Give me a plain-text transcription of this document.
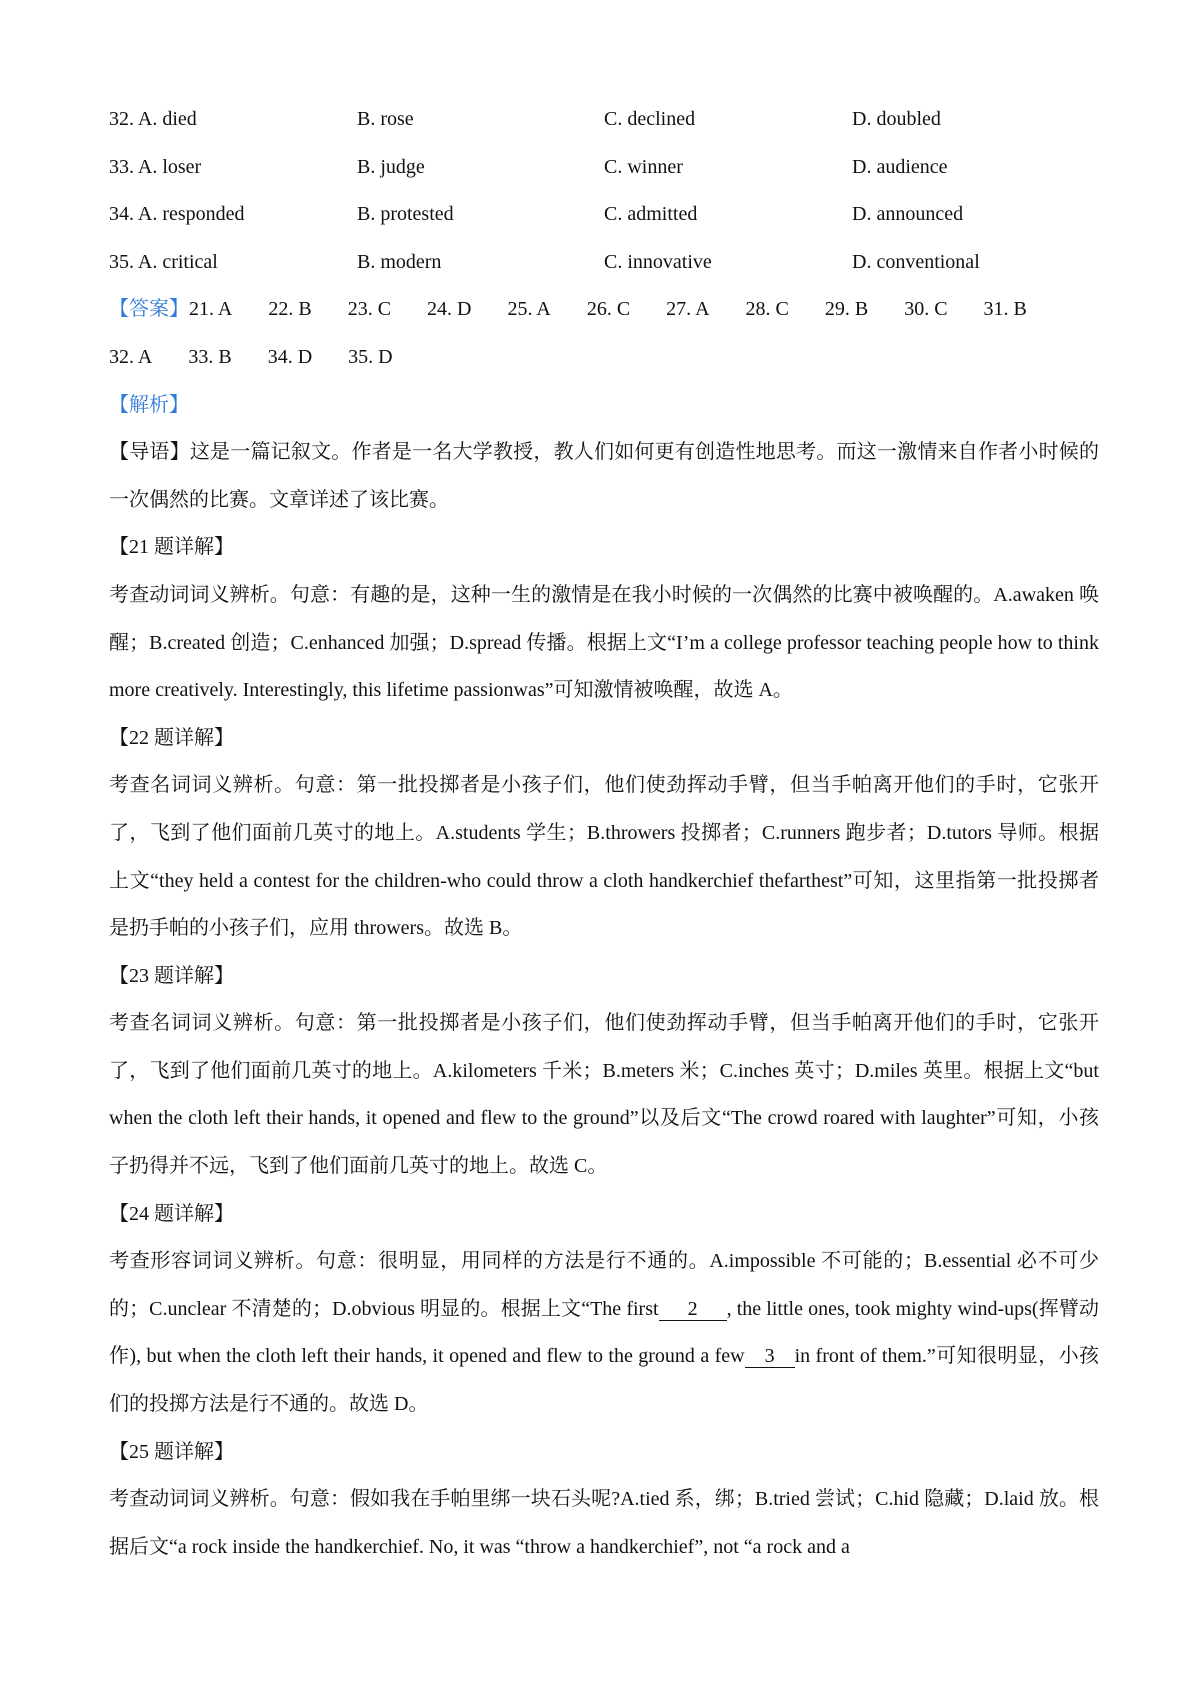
32. A. died	B. rose	C. declined	D. doubled
33. A. loser	B. judge	C. winner	D. audience
34. A. responded	B. protested	C. admitted	D. announced
35. A. critical	B. modern	C. innovative	D. conventional
【答案】21. A 22. B 23. C 24. D 25. A 26. C 27. A 28. C 29. B 30. C 31. B32. A 33. B 34. D 35. D

【解析】

【导语】这是一篇记叙文。作者是一名大学教授，教人们如何更有创造性地思考。而这一激情来自作者小时候的一次偶然的比赛。文章详述了该比赛。

【21 题详解】

考查动词词义辨析。句意：有趣的是，这种一生的激情是在我小时候的一次偶然的比赛中被唤醒的。A.awaken 唤醒；B.created 创造；C.enhanced 加强；D.spread 传播。根据上文“I’m a college professor teaching people how to think more creatively. Interestingly, this lifetime passionwas”可知激情被唤醒，故选 A。

【22 题详解】

考查名词词义辨析。句意：第一批投掷者是小孩子们，他们使劲挥动手臂，但当手帕离开他们的手时，它张开了，飞到了他们面前几英寸的地上。A.students 学生；B.throwers 投掷者；C.runners 跑步者；D.tutors 导师。根据上文“they held a contest for the children-who could throw a cloth handkerchief thefarthest”可知，这里指第一批投掷者是扔手帕的小孩子们，应用 throwers。故选 B。

【23 题详解】

考查名词词义辨析。句意：第一批投掷者是小孩子们，他们使劲挥动手臂，但当手帕离开他们的手时，它张开了，飞到了他们面前几英寸的地上。A.kilometers 千米；B.meters 米；C.inches 英寸；D.miles 英里。根据上文“but when the cloth left their hands, it opened and flew to the ground”以及后文“The crowd roared with laughter”可知，小孩子扔得并不远，飞到了他们面前几英寸的地上。故选 C。

【24 题详解】

考查形容词词义辨析。句意：很明显，用同样的方法是行不通的。A.impossible 不可能的；B.essential 必不可少的；C.unclear 不清楚的；D.obvious 明显的。根据上文“The first 2 , the little ones, took mighty wind-ups(挥臂动作), but when the cloth left their hands, it opened and flew to the ground a few 3 in front of them.”可知很明显，小孩们的投掷方法是行不通的。故选 D。

【25 题详解】

考查动词词义辨析。句意：假如我在手帕里绑一块石头呢?A.tied 系，绑；B.tried 尝试；C.hid 隐藏；D.laid 放。根据后文“a rock inside the handkerchief. No, it was “throw a handkerchief”, not “a rock and a
